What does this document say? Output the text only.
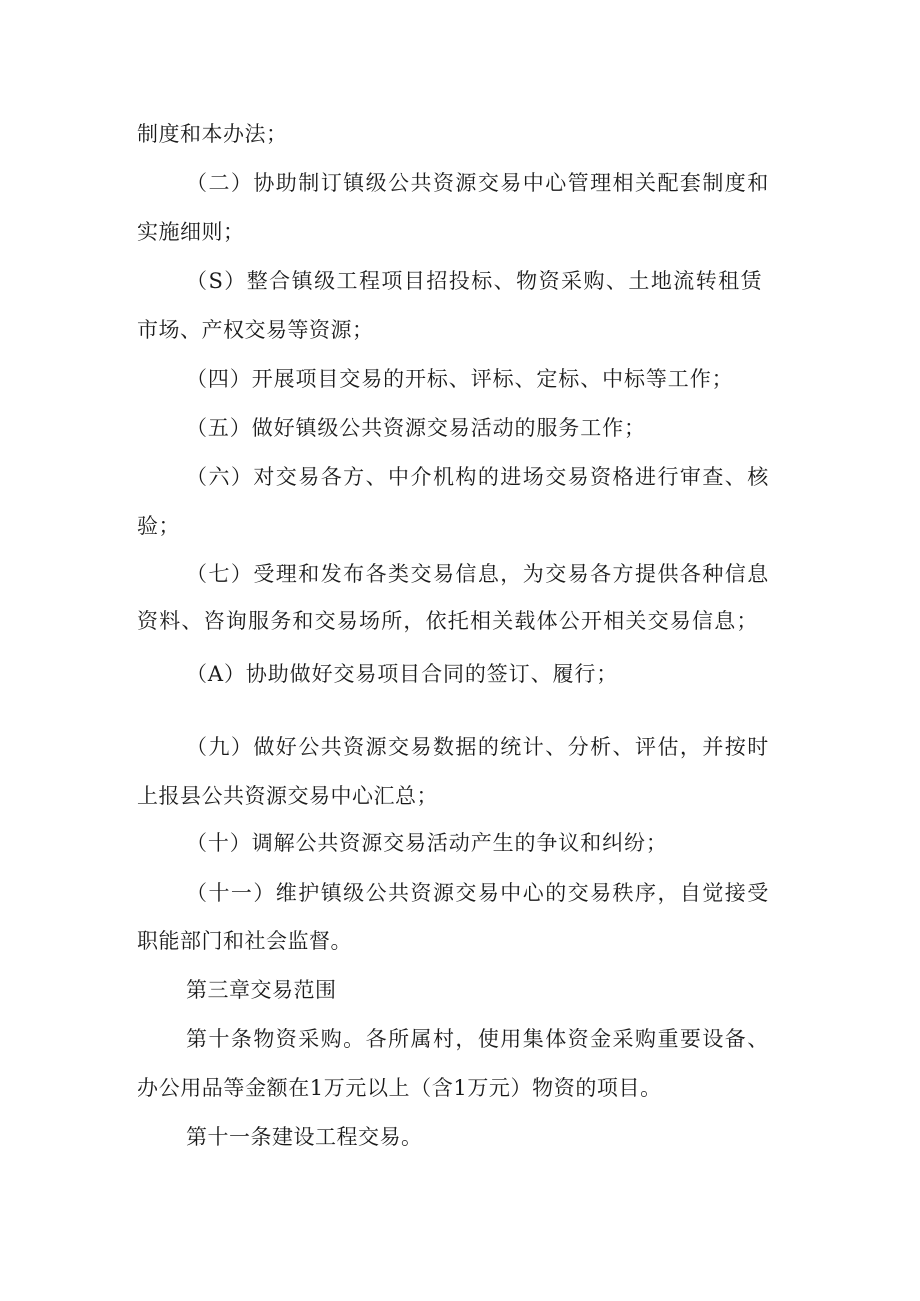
制度和本办法；
（二）协助制订镇级公共资源交易中心管理相关配套制度和
实施细则；
（S）整合镇级工程项目招投标、物资采购、土地流转租赁
市场、产权交易等资源；
（四）开展项目交易的开标、评标、定标、中标等工作；
（五）做好镇级公共资源交易活动的服务工作；
（六）对交易各方、中介机构的进场交易资格进行审查、核
验；
（七）受理和发布各类交易信息，为交易各方提供各种信息
资料、咨询服务和交易场所，依托相关载体公开相关交易信息；
（A）协助做好交易项目合同的签订、履行；
（九）做好公共资源交易数据的统计、分析、评估，并按时
上报县公共资源交易中心汇总；
（十）调解公共资源交易活动产生的争议和纠纷；
（十一）维护镇级公共资源交易中心的交易秩序，自觉接受
职能部门和社会监督。
第三章交易范围
第十条物资采购。各所属村，使用集体资金采购重要设备、
办公用品等金额在1万元以上（含1万元）物资的项目。
第十一条建设工程交易。
